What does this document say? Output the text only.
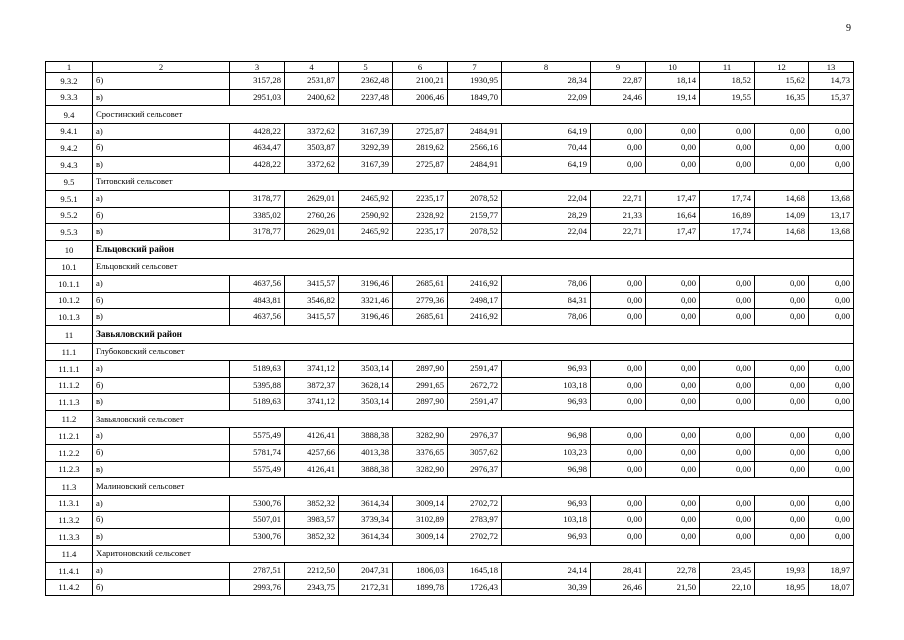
9
1	2	3	4	5	6	7	8	9	10	11	12	13
9.3.2	б)	3157,28	2531,87	2362,48	2100,21	1930,95	28,34	22,87	18,14	18,52	15,62	14,73
9.3.3	в)	2951,03	2400,62	2237,48	2006,46	1849,70	22,09	24,46	19,14	19,55	16,35	15,37
9.4	Сростинский сельсовет											
9.4.1	а)	4428,22	3372,62	3167,39	2725,87	2484,91	64,19	0,00	0,00	0,00	0,00	0,00
9.4.2	б)	4634,47	3503,87	3292,39	2819,62	2566,16	70,44	0,00	0,00	0,00	0,00	0,00
9.4.3	в)	4428,22	3372,62	3167,39	2725,87	2484,91	64,19	0,00	0,00	0,00	0,00	0,00
9.5	Титовский сельсовет											
9.5.1	а)	3178,77	2629,01	2465,92	2235,17	2078,52	22,04	22,71	17,47	17,74	14,68	13,68
9.5.2	б)	3385,02	2760,26	2590,92	2328,92	2159,77	28,29	21,33	16,64	16,89	14,09	13,17
9.5.3	в)	3178,77	2629,01	2465,92	2235,17	2078,52	22,04	22,71	17,47	17,74	14,68	13,68
10	Ельцовский район											
10.1	Ельцовский сельсовет											
10.1.1	а)	4637,56	3415,57	3196,46	2685,61	2416,92	78,06	0,00	0,00	0,00	0,00	0,00
10.1.2	б)	4843,81	3546,82	3321,46	2779,36	2498,17	84,31	0,00	0,00	0,00	0,00	0,00
10.1.3	в)	4637,56	3415,57	3196,46	2685,61	2416,92	78,06	0,00	0,00	0,00	0,00	0,00
11	Завьяловский район											
11.1	Глубоковский сельсовет											
11.1.1	а)	5189,63	3741,12	3503,14	2897,90	2591,47	96,93	0,00	0,00	0,00	0,00	0,00
11.1.2	б)	5395,88	3872,37	3628,14	2991,65	2672,72	103,18	0,00	0,00	0,00	0,00	0,00
11.1.3	в)	5189,63	3741,12	3503,14	2897,90	2591,47	96,93	0,00	0,00	0,00	0,00	0,00
11.2	Завьяловский сельсовет											
11.2.1	а)	5575,49	4126,41	3888,38	3282,90	2976,37	96,98	0,00	0,00	0,00	0,00	0,00
11.2.2	б)	5781,74	4257,66	4013,38	3376,65	3057,62	103,23	0,00	0,00	0,00	0,00	0,00
11.2.3	в)	5575,49	4126,41	3888,38	3282,90	2976,37	96,98	0,00	0,00	0,00	0,00	0,00
11.3	Малиновский сельсовет											
11.3.1	а)	5300,76	3852,32	3614,34	3009,14	2702,72	96,93	0,00	0,00	0,00	0,00	0,00
11.3.2	б)	5507,01	3983,57	3739,34	3102,89	2783,97	103,18	0,00	0,00	0,00	0,00	0,00
11.3.3	в)	5300,76	3852,32	3614,34	3009,14	2702,72	96,93	0,00	0,00	0,00	0,00	0,00
11.4	Харитоновский сельсовет											
11.4.1	а)	2787,51	2212,50	2047,31	1806,03	1645,18	24,14	28,41	22,78	23,45	19,93	18,97
11.4.2	б)	2993,76	2343,75	2172,31	1899,78	1726,43	30,39	26,46	21,50	22,10	18,95	18,07
